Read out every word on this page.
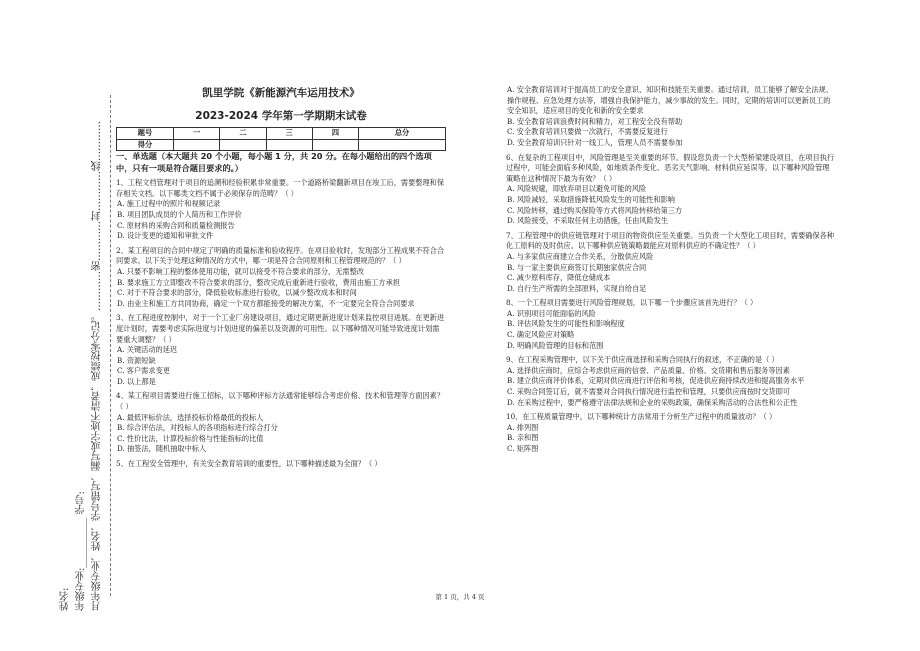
姓名: 年级专业:__________ 学号: 月年级专业、姓名、学号错写、漏写或字迹不清者，成绩按零分记。…………密…………封…………线…………
凯里学院《新能源汽车运用技术》
2023-2024 学年第一学期期末试卷
题号	一	二	三	四	总分
得分					
一、单选题（本大题共 20 个小题，每小题 1 分，共 20 分。在每小题给出的四个选项中，只有一项是符合题目要求的。）
1、工程文档管理对于项目的追溯和经验积累非常重要。一个道路桥梁翻新项目在竣工后，需要整理和保存相关文档。以下哪类文档不属于必须保存的范畴？（ ）
A. 施工过程中的照片和视频记录
B. 项目团队成员的个人简历和工作评价
C. 原材料的采购合同和质量检测报告
D. 设计变更的通知和审批文件
2、某工程项目的合同中规定了明确的质量标准和验收程序。在项目验收时，发现部分工程成果不符合合同要求。以下关于处理这种情况的方式中，哪一项是符合合同原则和工程管理规范的？（ ）
A. 只要不影响工程的整体使用功能，就可以接受不符合要求的部分，无需整改
B. 要求施工方立即整改不符合要求的部分，整改完成后重新进行验收，费用由施工方承担
C. 对于不符合要求的部分，降低验收标准进行验收，以减少整改成本和时间
D. 由业主和施工方共同协商，确定一个双方都能接受的解决方案，不一定要完全符合合同要求
3、在工程进度控制中，对于一个工业厂房建设项目，通过定期更新进度计划来监控项目进展。在更新进度计划时，需要考虑实际进度与计划进度的偏差以及资源的可用性。以下哪种情况可能导致进度计划需要重大调整？（ ）
A. 关键活动的延迟
B. 资源短缺
C. 客户需求变更
D. 以上都是
4、某工程项目需要进行施工招标，以下哪种评标方法通常能够综合考虑价格、技术和管理等方面因素？（ ）
A. 最低评标价法，选择投标价格最低的投标人
B. 综合评估法，对投标人的各项指标进行综合打分
C. 性价比法，计算投标价格与性能指标的比值
D. 抽签法，随机抽取中标人
5、在工程安全管理中，有关安全教育培训的重要性，以下哪种描述最为全面？（ ）
A. 安全教育培训对于提高员工的安全意识、知识和技能至关重要。通过培训，员工能够了解安全法规、操作规程、应急处理方法等，增强自我保护能力，减少事故的发生。同时，定期的培训可以更新员工的安全知识，适应项目的变化和新的安全要求
B. 安全教育培训浪费时间和精力，对工程安全没有帮助
C. 安全教育培训只要做一次就行，不需要反复进行
D. 安全教育培训只针对一线工人，管理人员不需要参加
6、在复杂的工程项目中，风险管理是至关重要的环节。假设您负责一个大型桥梁建设项目，在项目执行过程中，可能会面临多种风险，如地质条件变化、恶劣天气影响、材料供应延误等。以下哪种风险管理策略在这种情况下最为有效？（ ）
A. 风险规避，即放弃项目以避免可能的风险
B. 风险减轻，采取措施降低风险发生的可能性和影响
C. 风险转移，通过购买保险等方式将风险转移给第三方
D. 风险接受，不采取任何主动措施，任由风险发生
7、工程管理中的供应链管理对于项目的物资供应至关重要。当负责一个大型化工项目时，需要确保各种化工原料的及时供应。以下哪种供应链策略最能应对原料供应的不确定性？（ ）
A. 与多家供应商建立合作关系，分散供应风险
B. 与一家主要供应商签订长期独家供应合同
C. 减少原料库存，降低仓储成本
D. 自行生产所需的全部原料，实现自给自足
8、一个工程项目需要进行风险管理规划，以下哪一个步骤应该首先进行？（ ）
A. 识别项目可能面临的风险
B. 评估风险发生的可能性和影响程度
C. 确定风险应对策略
D. 明确风险管理的目标和范围
9、在工程采购管理中，以下关于供应商选择和采购合同执行的叙述，不正确的是（ ）
A. 选择供应商时，应综合考虑供应商的信誉、产品质量、价格、交货期和售后服务等因素
B. 建立供应商评价体系，定期对供应商进行评估和考核，促进供应商持续改进和提高服务水平
C. 采购合同签订后，就不需要对合同执行情况进行监控和管理，只要供应商按时交货即可
D. 在采购过程中，要严格遵守法律法规和企业的采购政策，确保采购活动的合法性和公正性
10、在工程质量管理中，以下哪种统计方法常用于分析生产过程中的质量波动？（ ）
A. 排列图
B. 亲和图
C. 矩阵图
第 1 页，共 4 页
